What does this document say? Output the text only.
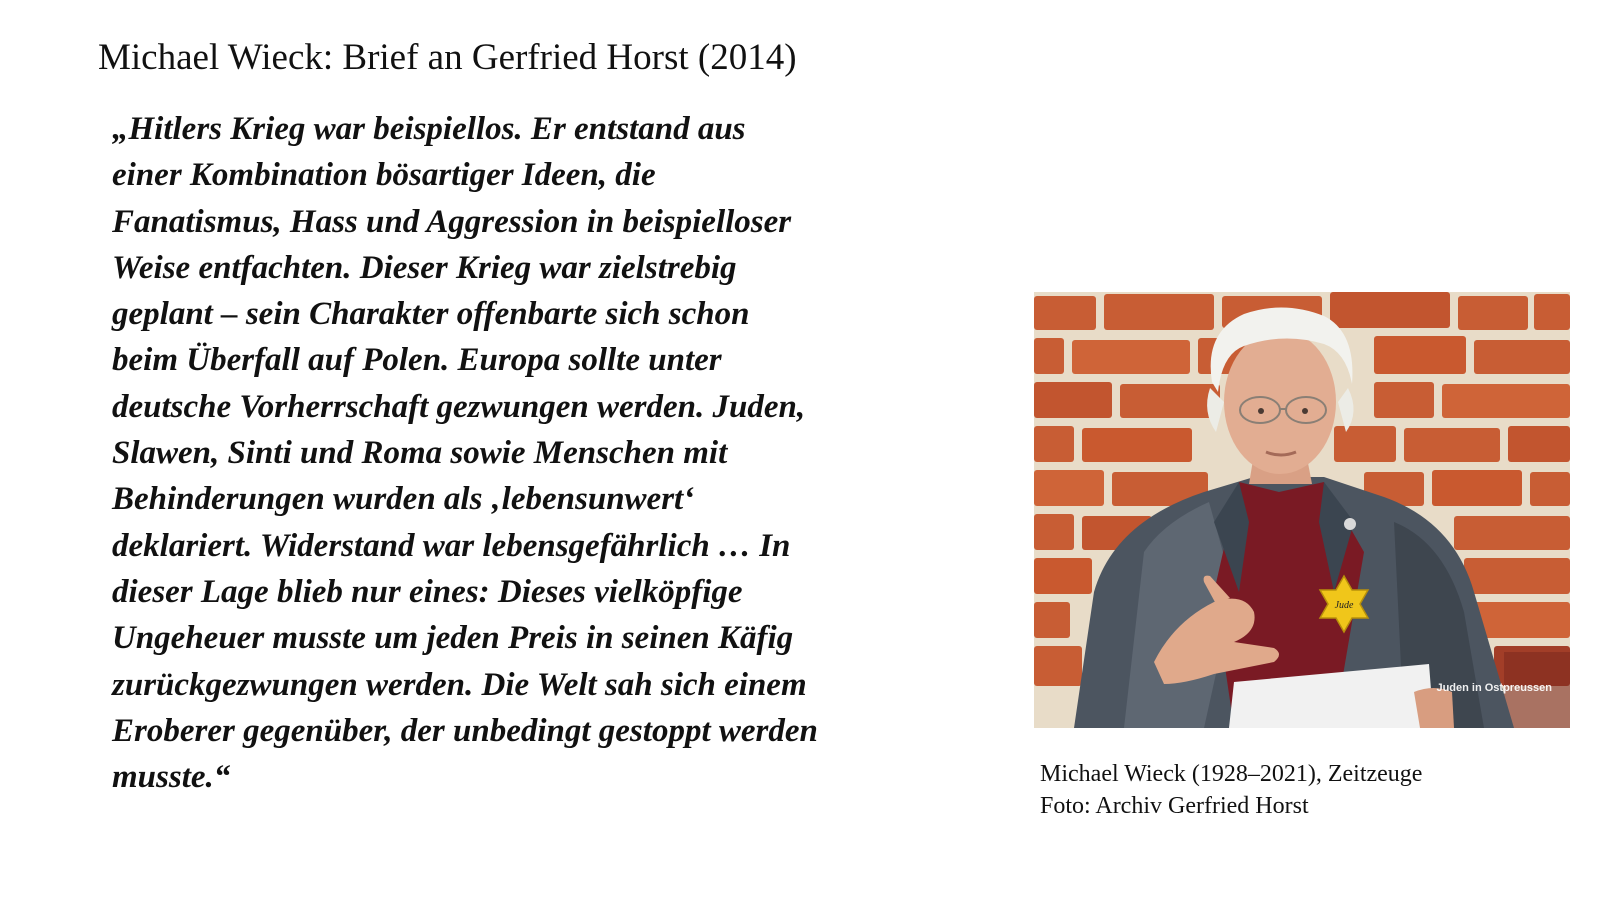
Michael Wieck: Brief an Gerfried Horst (2014)
„Hitlers Krieg war beispiellos. Er entstand aus
einer Kombination bösartiger Ideen, die
Fanatismus, Hass und Aggression in beispielloser
Weise entfachten. Dieser Krieg war zielstrebig
geplant – sein Charakter offenbarte sich schon
beim Überfall auf Polen. Europa sollte unter
deutsche Vorherrschaft gezwungen werden. Juden,
Slawen, Sinti und Roma sowie Menschen mit
Behinderungen wurden als ‚lebensunwert‘
deklariert. Widerstand war lebensgefährlich … In
dieser Lage blieb nur eines: Dieses vielköpfige
Ungeheuer musste um jeden Preis in seinen Käfig
zurückgezwungen werden. Die Welt sah sich einem
Eroberer gegenüber, der unbedingt gestoppt werden
musste.“
Jude
Juden in Ostpreussen
Michael Wieck (1928–2021), Zeitzeuge
Foto: Archiv Gerfried Horst
